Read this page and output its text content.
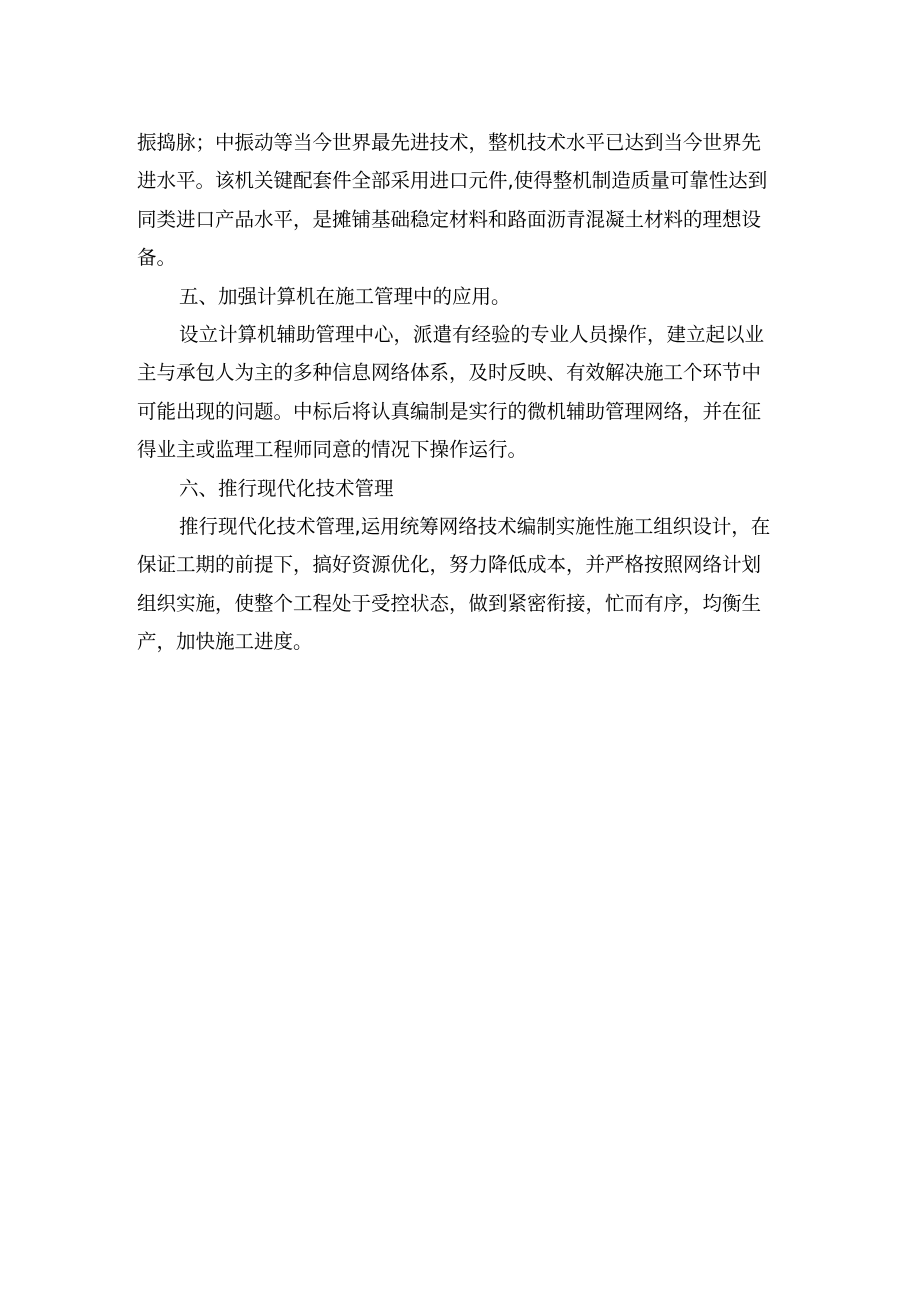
振捣脉；中振动等当今世界最先进技术，整机技术水平已达到当今世界先
进水平。该机关键配套件全部采用进口元件,使得整机制造质量可靠性达到
同类进口产品水平，是摊铺基础稳定材料和路面沥青混凝土材料的理想设
备。
五、加强计算机在施工管理中的应用。
设立计算机辅助管理中心，派遣有经验的专业人员操作，建立起以业
主与承包人为主的多种信息网络体系，及时反映、有效解决施工个环节中
可能出现的问题。中标后将认真编制是实行的微机辅助管理网络，并在征
得业主或监理工程师同意的情况下操作运行。
六、推行现代化技术管理
推行现代化技术管理,运用统筹网络技术编制实施性施工组织设计，在
保证工期的前提下，搞好资源优化，努力降低成本，并严格按照网络计划
组织实施，使整个工程处于受控状态，做到紧密衔接，忙而有序，均衡生
产，加快施工进度。
